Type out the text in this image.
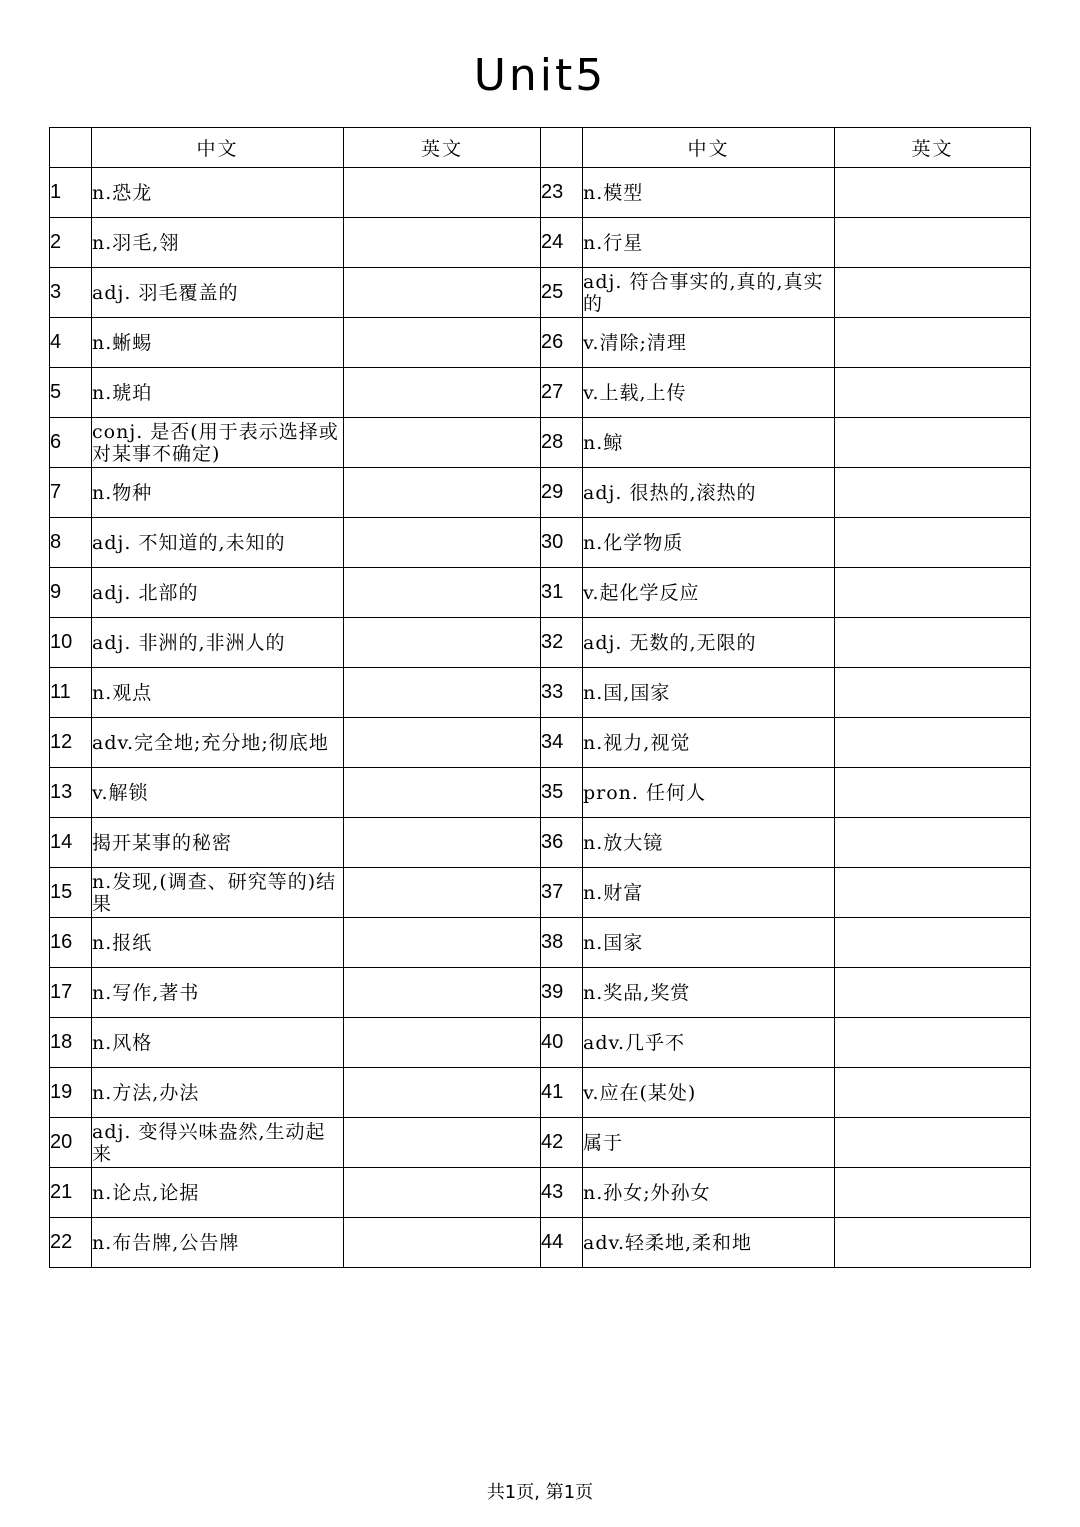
Unit5
	中文	英文		中文	英文
1	n.恐龙		23	n.模型	
2	n.羽毛,翎		24	n.行星	
3	adj. 羽毛覆盖的		25	adj. 符合事实的,真的,真实的	
4	n.蜥蜴		26	v.清除;清理	
5	n.琥珀		27	v.上载,上传	
6	conj. 是否(用于表示选择或对某事不确定)		28	n.鲸	
7	n.物种		29	adj. 很热的,滚热的	
8	adj. 不知道的,未知的		30	n.化学物质	
9	adj. 北部的		31	v.起化学反应	
10	adj. 非洲的,非洲人的		32	adj. 无数的,无限的	
11	n.观点		33	n.国,国家	
12	adv.完全地;充分地;彻底地		34	n.视力,视觉	
13	v.解锁		35	pron. 任何人	
14	揭开某事的秘密		36	n.放大镜	
15	n.发现,(调查、研究等的)结果		37	n.财富	
16	n.报纸		38	n.国家	
17	n.写作,著书		39	n.奖品,奖赏	
18	n.风格		40	adv.几乎不	
19	n.方法,办法		41	v.应在(某处)	
20	adj. 变得兴味盎然,生动起来		42	属于	
21	n.论点,论据		43	n.孙女;外孙女	
22	n.布告牌,公告牌		44	adv.轻柔地,柔和地	
共1页, 第1页
